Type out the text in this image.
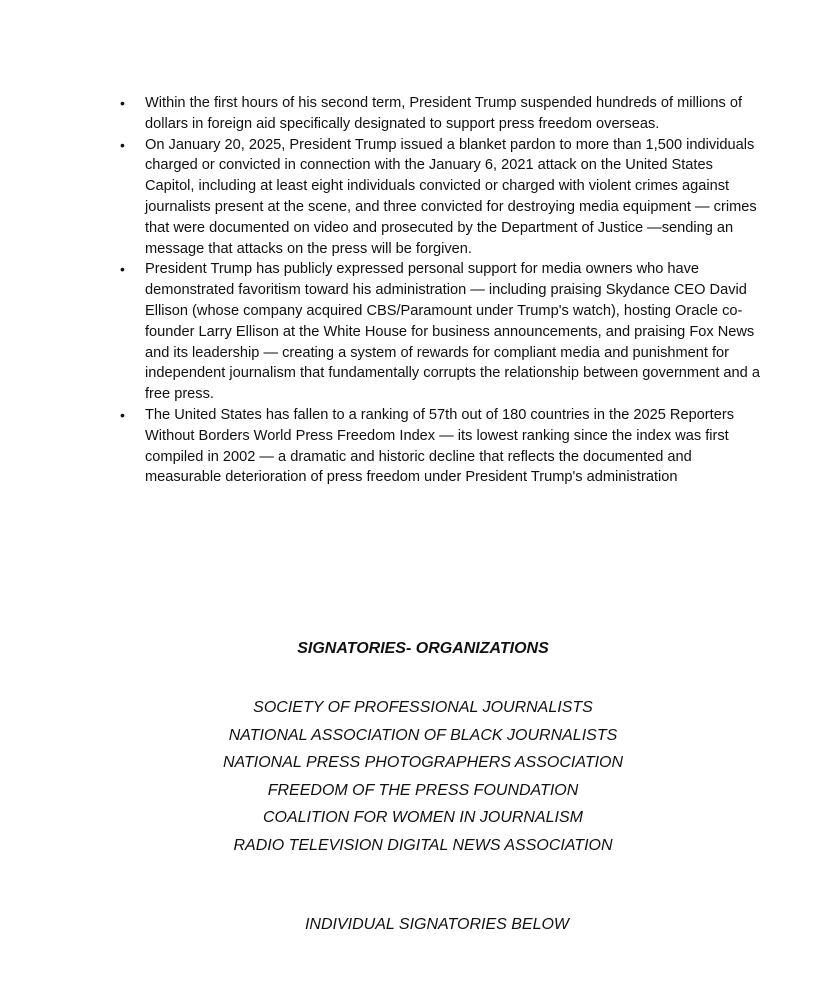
• Within the first hours of his second term, President Trump suspended hundreds of millions of dollars in foreign aid specifically designated to support press freedom overseas.
• On January 20, 2025, President Trump issued a blanket pardon to more than 1,500 individuals charged or convicted in connection with the January 6, 2021 attack on the United States Capitol, including at least eight individuals convicted or charged with violent crimes against journalists present at the scene, and three convicted for destroying media equipment — crimes that were documented on video and prosecuted by the Department of Justice —sending an message that attacks on the press will be forgiven.
• President Trump has publicly expressed personal support for media owners who have demonstrated favoritism toward his administration — including praising Skydance CEO David Ellison (whose company acquired CBS/Paramount under Trump's watch), hosting Oracle co-founder Larry Ellison at the White House for business announcements, and praising Fox News and its leadership — creating a system of rewards for compliant media and punishment for independent journalism that fundamentally corrupts the relationship between government and a free press.
• The United States has fallen to a ranking of 57th out of 180 countries in the 2025 Reporters Without Borders World Press Freedom Index — its lowest ranking since the index was first compiled in 2002 — a dramatic and historic decline that reflects the documented and measurable deterioration of press freedom under President Trump's administration
SIGNATORIES- ORGANIZATIONS
SOCIETY OF PROFESSIONAL JOURNALISTS
NATIONAL ASSOCIATION OF BLACK JOURNALISTS
NATIONAL PRESS PHOTOGRAPHERS ASSOCIATION
FREEDOM OF THE PRESS FOUNDATION
COALITION FOR WOMEN IN JOURNALISM
RADIO TELEVISION DIGITAL NEWS ASSOCIATION
INDIVIDUAL SIGNATORIES BELOW
